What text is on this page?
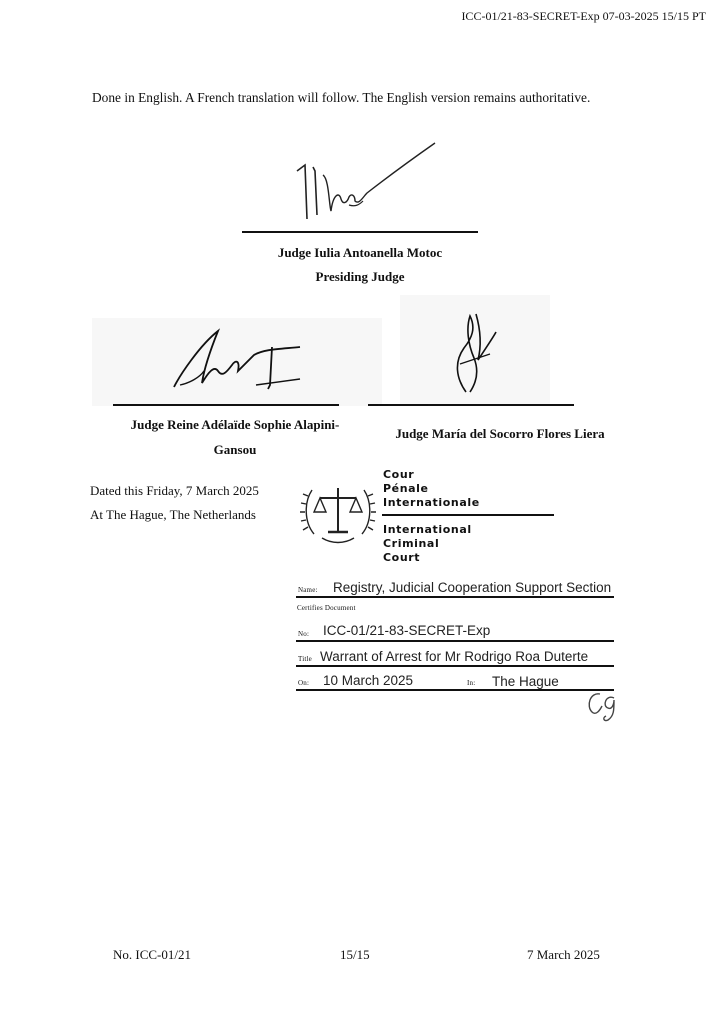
ICC-01/21-83-SECRET-Exp 07-03-2025 15/15 PT
Done in English. A French translation will follow. The English version remains authoritative.
Judge Iulia Antoanella Motoc
Presiding Judge
Judge Reine Adélaïde Sophie Alapini-
Gansou
Judge María del Socorro Flores Liera
Dated this Friday, 7 March 2025
At The Hague, The Netherlands
Cour
Pénale
Internationale
International
Criminal
Court
Name: Registry, Judicial Cooperation Support Section
Certifies Document
No: ICC-01/21-83-SECRET-Exp
Title Warrant of Arrest for Mr Rodrigo Roa Duterte
On: 10 March 2025	In: The Hague
No. ICC-01/21	15/15	7 March 2025
